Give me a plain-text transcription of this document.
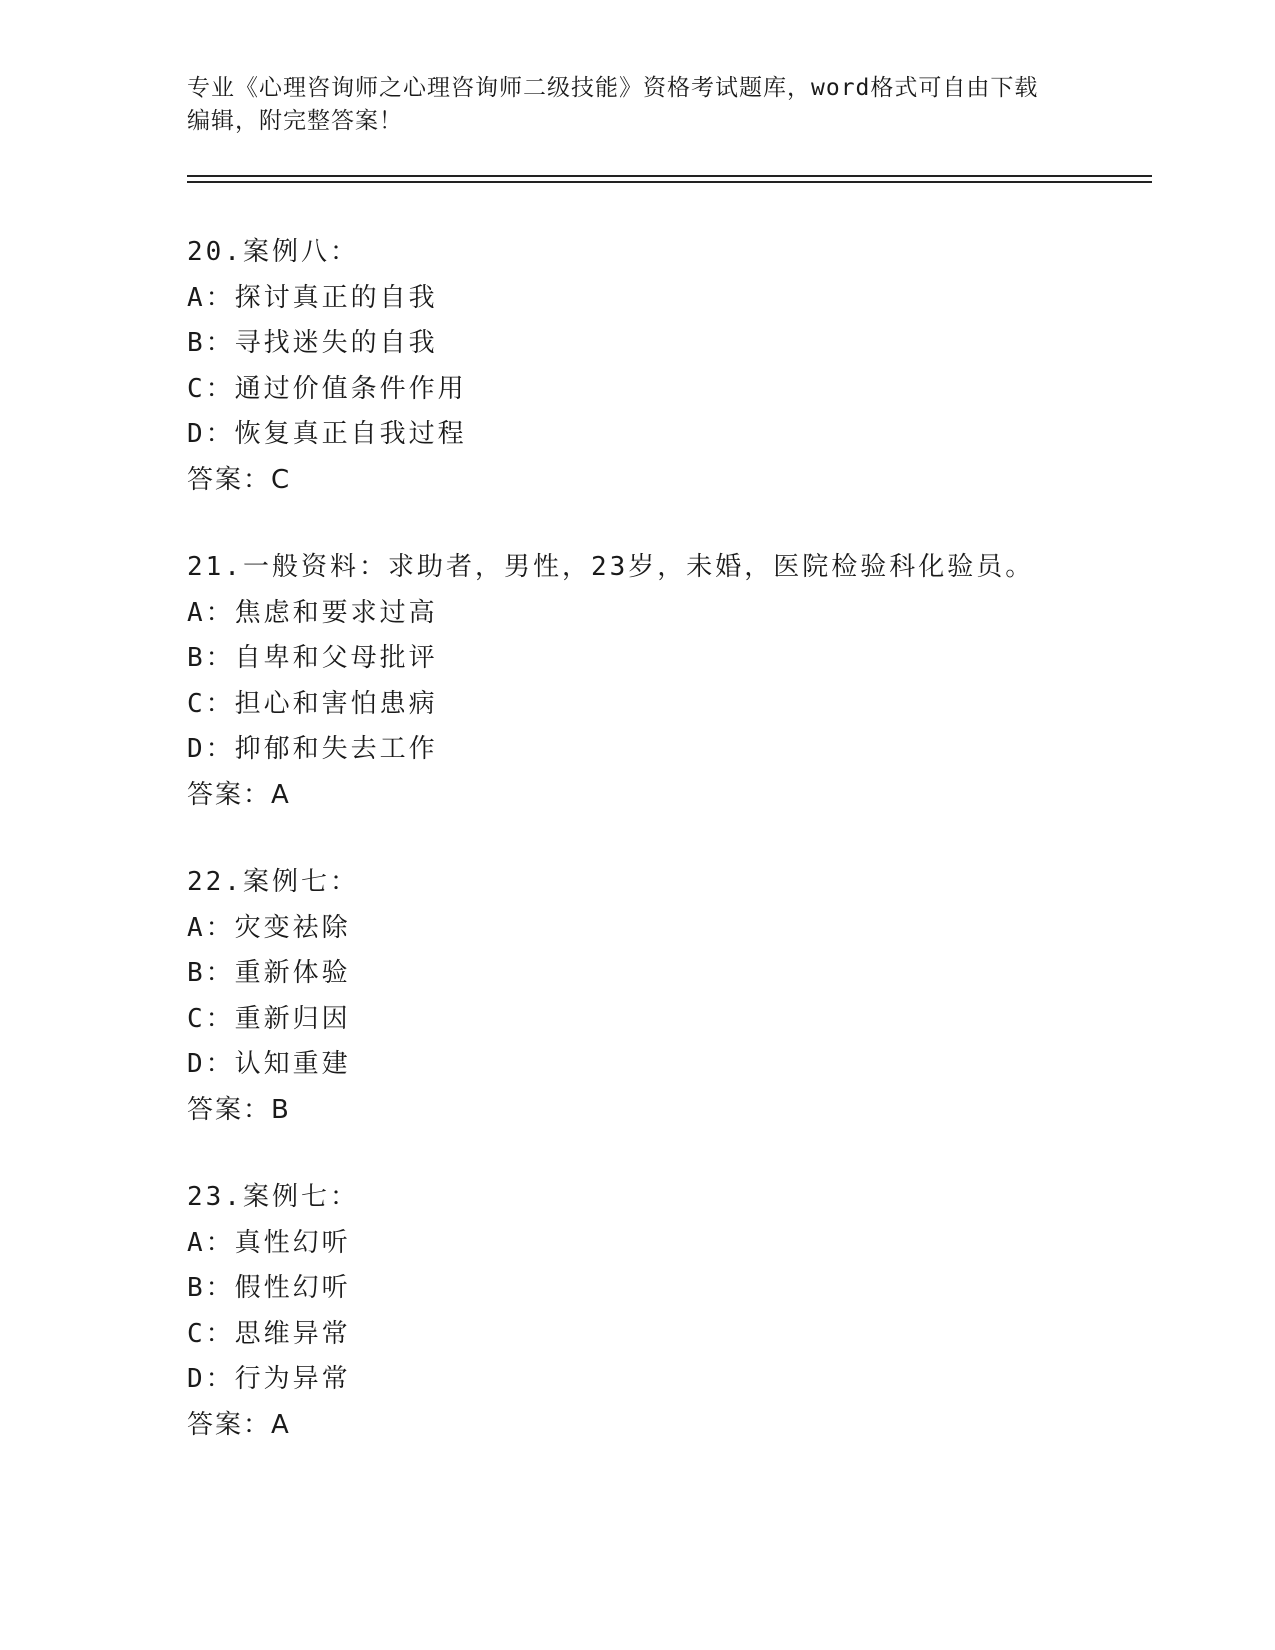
专业《心理咨询师之心理咨询师二级技能》资格考试题库，word格式可自由下载
编辑，附完整答案！
20.案例八：
A：探讨真正的自我
B：寻找迷失的自我
C：通过价值条件作用
D：恢复真正自我过程
答案：C
21.一般资料：求助者，男性，23岁，未婚，医院检验科化验员。
A：焦虑和要求过高
B：自卑和父母批评
C：担心和害怕患病
D：抑郁和失去工作
答案：A
22.案例七：
A：灾变祛除
B：重新体验
C：重新归因
D：认知重建
答案：B
23.案例七：
A：真性幻听
B：假性幻听
C：思维异常
D：行为异常
答案：A
